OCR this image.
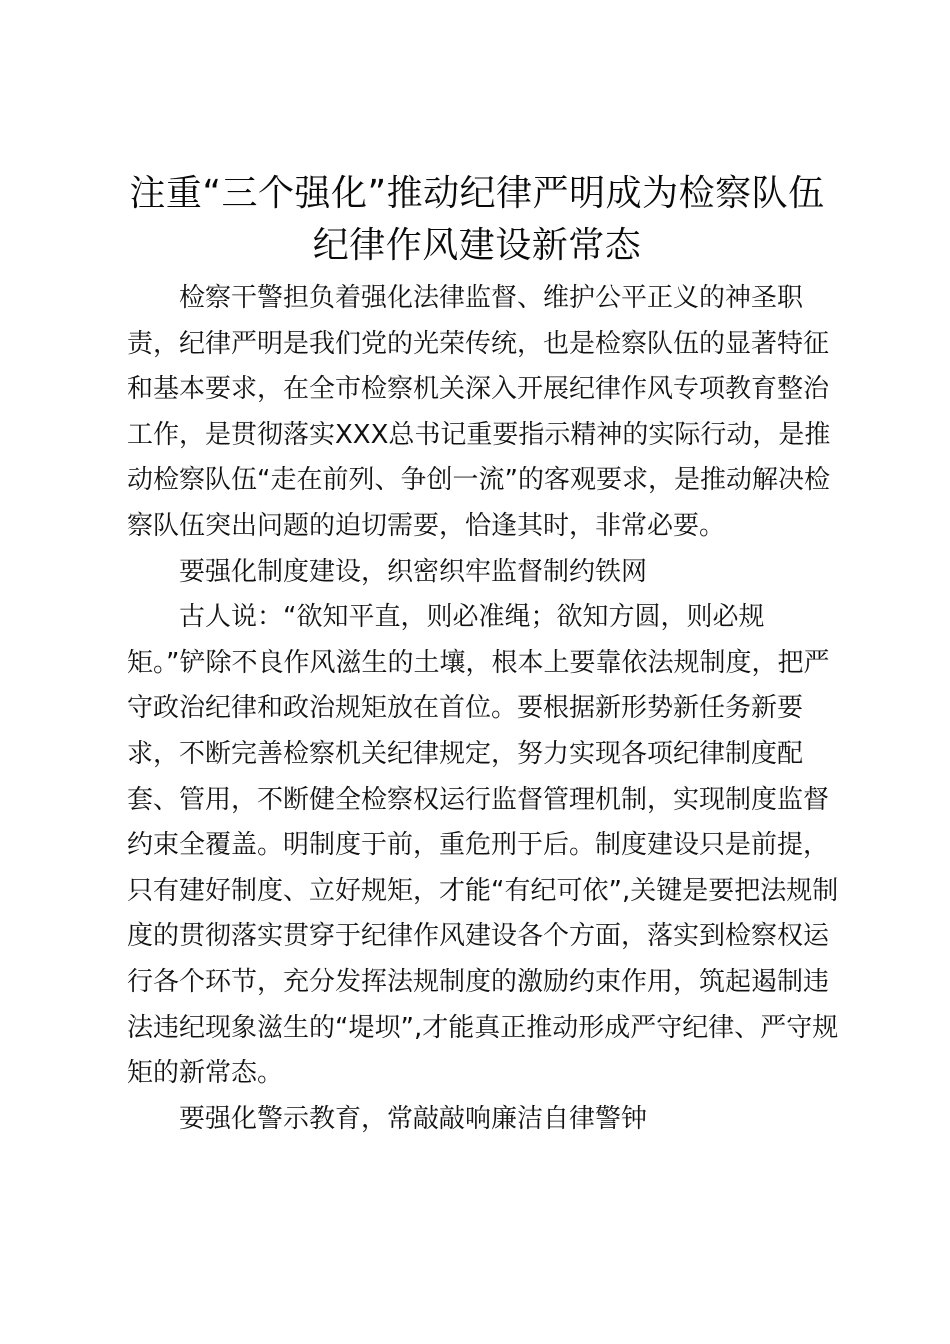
注重“三个强化”推动纪律严明成为检察队伍
纪律作风建设新常态

检察干警担负着强化法律监督、维护公平正义的神圣职
责，纪律严明是我们党的光荣传统，也是检察队伍的显著特征
和基本要求，在全市检察机关深入开展纪律作风专项教育整治
工作，是贯彻落实XXX总书记重要指示精神的实际行动，是推
动检察队伍“走在前列、争创一流”的客观要求，是推动解决检
察队伍突出问题的迫切需要，恰逢其时，非常必要。

要强化制度建设，织密织牢监督制约铁网

古人说：“欲知平直，则必准绳；欲知方圆，则必规
矩。”铲除不良作风滋生的土壤，根本上要靠依法规制度，把严
守政治纪律和政治规矩放在首位。要根据新形势新任务新要
求，不断完善检察机关纪律规定，努力实现各项纪律制度配
套、管用，不断健全检察权运行监督管理机制，实现制度监督
约束全覆盖。明制度于前，重危刑于后。制度建设只是前提，
只有建好制度、立好规矩，才能“有纪可依”,关键是要把法规制
度的贯彻落实贯穿于纪律作风建设各个方面，落实到检察权运
行各个环节，充分发挥法规制度的激励约束作用，筑起遏制违
法违纪现象滋生的“堤坝”,才能真正推动形成严守纪律、严守规
矩的新常态。

要强化警示教育，常敲敲响廉洁自律警钟
